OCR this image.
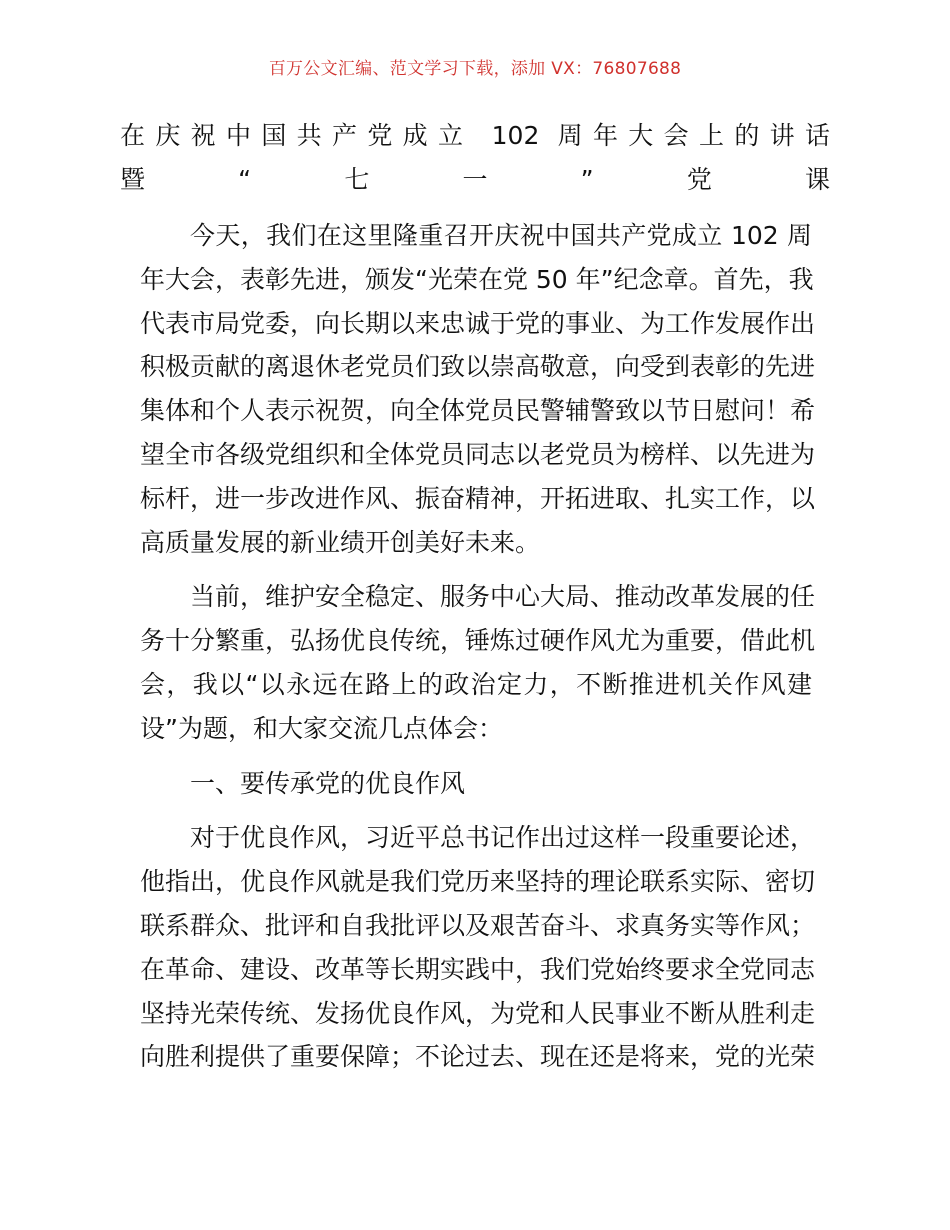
百万公文汇编、范文学习下载，添加 VX：76807688
在庆祝中国共产党成立 102 周年大会上的讲话
暨“七一”党课
今天，我们在这里隆重召开庆祝中国共产党成立 102 周
年大会，表彰先进，颁发“光荣在党 50 年”纪念章。首先，我
代表市局党委，向长期以来忠诚于党的事业、为工作发展作出
积极贡献的离退休老党员们致以崇高敬意，向受到表彰的先进
集体和个人表示祝贺，向全体党员民警辅警致以节日慰问！希
望全市各级党组织和全体党员同志以老党员为榜样、以先进为
标杆，进一步改进作风、振奋精神，开拓进取、扎实工作，以
高质量发展的新业绩开创美好未来。
当前，维护安全稳定、服务中心大局、推动改革发展的任
务十分繁重，弘扬优良传统，锤炼过硬作风尤为重要，借此机
会，我以“以永远在路上的政治定力，不断推进机关作风建
设”为题，和大家交流几点体会：
一、要传承党的优良作风
对于优良作风，习近平总书记作出过这样一段重要论述，
他指出，优良作风就是我们党历来坚持的理论联系实际、密切
联系群众、批评和自我批评以及艰苦奋斗、求真务实等作风；
在革命、建设、改革等长期实践中，我们党始终要求全党同志
坚持光荣传统、发扬优良作风，为党和人民事业不断从胜利走
向胜利提供了重要保障；不论过去、现在还是将来，党的光荣
